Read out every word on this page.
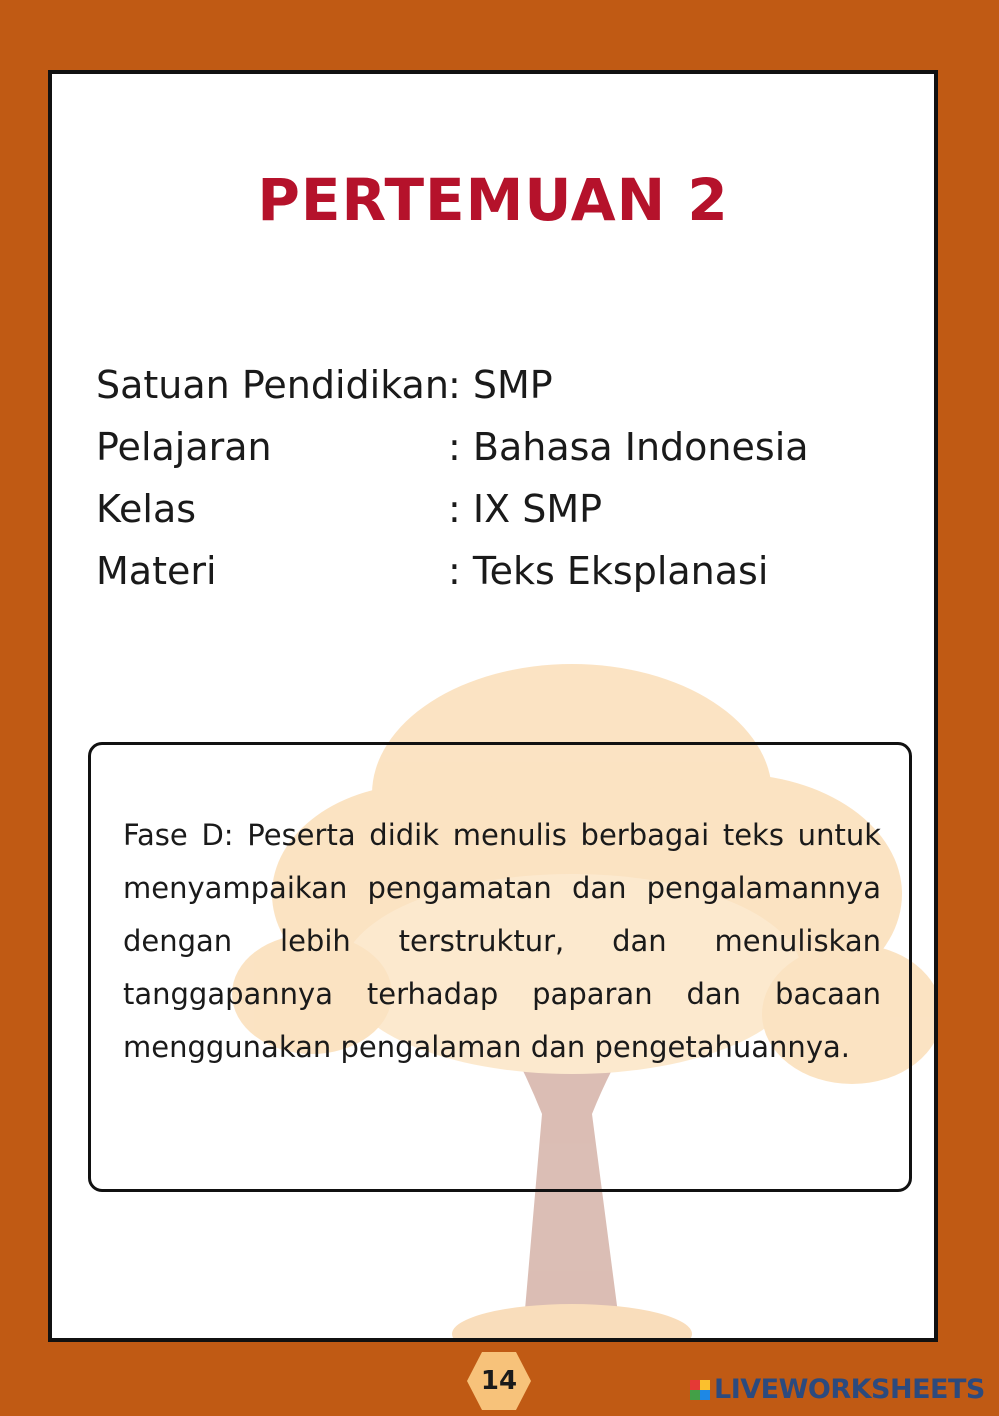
PERTEMUAN 2
Satuan Pendidikan : SMP
Pelajaran	: Bahasa Indonesia
Kelas	: IX SMP
Materi	: Teks Eksplanasi
Fase D: Peserta didik menulis berbagai teks untuk menyampaikan pengamatan dan pengalamannya dengan lebih terstruktur, dan menuliskan tanggapannya terhadap paparan dan bacaan menggunakan pengalaman dan pengetahuannya.
14	LIVEWORKSHEETS
